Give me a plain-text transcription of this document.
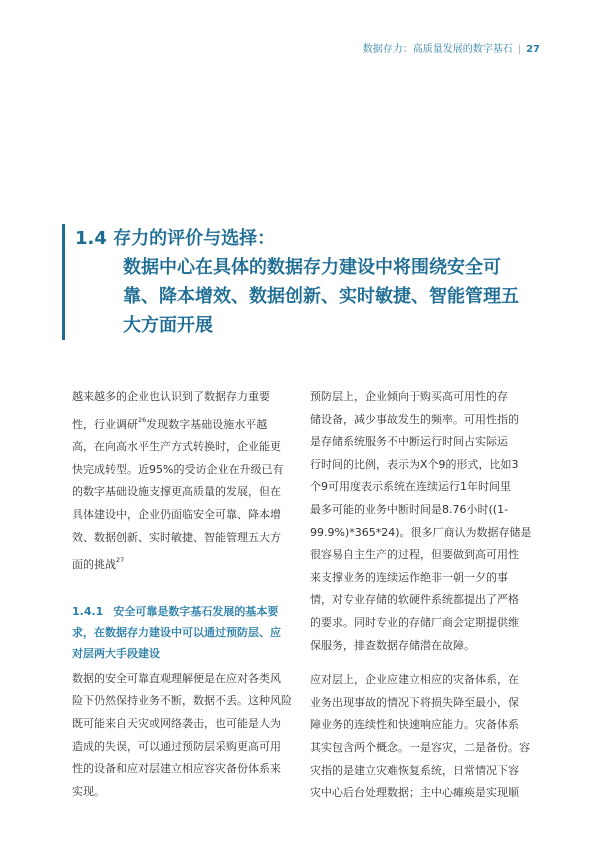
数据存力：高质量发展的数字基石 | 27
1.4 存力的评价与选择：
数据中心在具体的数据存力建设中将围绕安全可
靠、降本增效、数据创新、实时敏捷、智能管理五
大方面开展

越来越多的企业也认识到了数据存力重要
性，行业调研$^{26}$发现数字基础设施水平越
高，在向高水平生产方式转换时，企业能更
快完成转型。近95%的受访企业在升级已有
的数字基础设施支撑更高质量的发展，但在
具体建设中，企业仍面临安全可靠、降本增
效、数据创新、实时敏捷、智能管理五大方
面的挑战$^{27}$

1.4.1 安全可靠是数字基石发展的基本要
求，在数据存力建设中可以通过预防层、应
对层两大手段建设

数据的安全可靠直观理解便是在应对各类风
险下仍然保持业务不断，数据不丢。这种风险
既可能来自天灾或网络袭击，也可能是人为
造成的失误，可以通过预防层采购更高可用
性的设备和应对层建立相应容灾备份体系来
实现。

预防层上，企业倾向于购买高可用性的存
储设备，减少事故发生的频率。可用性指的
是存储系统服务不中断运行时间占实际运
行时间的比例，表示为X个9的形式，比如3
个9可用度表示系统在连续运行1年时间里
最多可能的业务中断时间是8.76小时((1-
99.9%)*365*24)。很多厂商认为数据存储是
很容易自主生产的过程，但要做到高可用性
来支撑业务的连续运作绝非一朝一夕的事
情，对专业存储的软硬件系统都提出了严格
的要求。同时专业的存储厂商会定期提供维
保服务，排查数据存储潜在故障。

应对层上，企业应建立相应的灾备体系，在
业务出现事故的情况下将损失降至最小，保
障业务的连续性和快速响应能力。灾备体系
其实包含两个概念。一是容灾，二是备份。容
灾指的是建立灾难恢复系统，日常情况下容
灾中心后台处理数据；主中心瘫痪是实现顺
